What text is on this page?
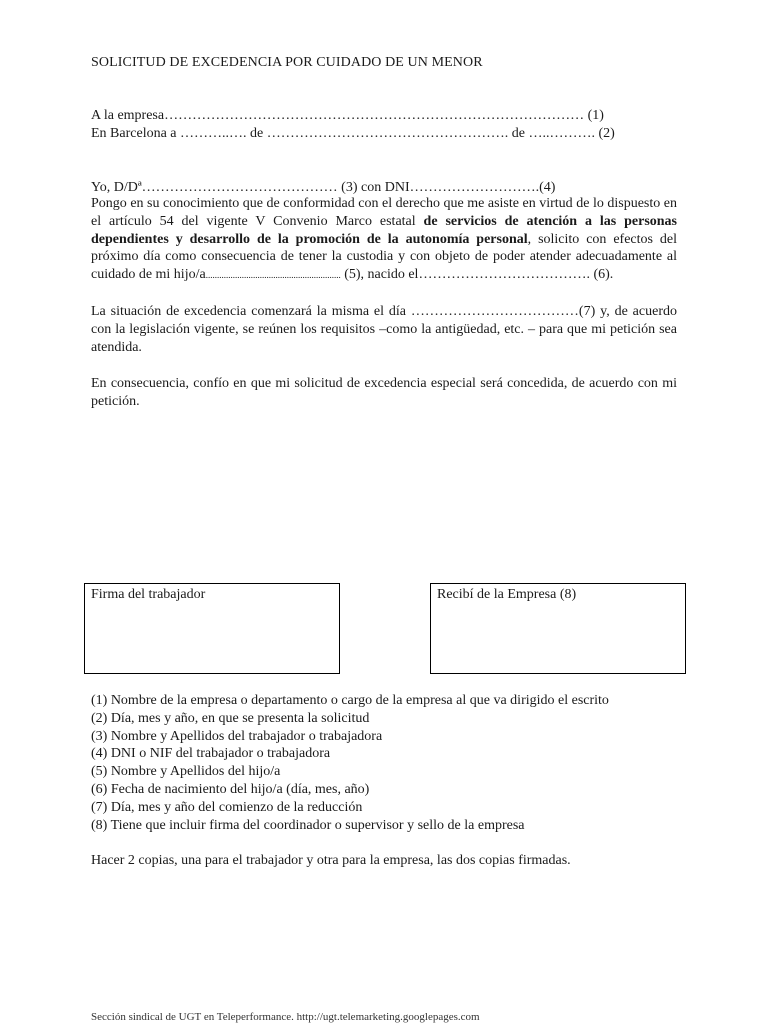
SOLICITUD DE EXCEDENCIA POR CUIDADO DE UN MENOR
A la empresa……………………………………………………………………………… (1)
En Barcelona a ………..…. de ……………………………………………. de …..………. (2)
Yo, D/Dª…………………………………… (3) con DNI……………………….(4)
Pongo en su conocimiento que de conformidad con el derecho que me asiste en virtud de lo dispuesto en el artículo 54 del vigente V Convenio Marco estatal de servicios de atención a las personas dependientes y desarrollo de la promoción de la autonomía personal, solicito con efectos del próximo día como consecuencia de tener la custodia y con objeto de poder atender adecuadamente al cuidado de mi hijo/a............................................................ (5), nacido el………………………………. (6).
La situación de excedencia comenzará la misma el día ………………………………(7) y, de acuerdo con la legislación vigente, se reúnen los requisitos –como la antigüedad, etc. – para que mi petición sea atendida.
En consecuencia, confío en que mi solicitud de excedencia especial será concedida, de acuerdo con mi petición.
Firma del trabajador	Recibí de la Empresa (8)
(1) Nombre de la empresa o departamento o cargo de la empresa al que va dirigido el escrito
(2) Día, mes y año, en que se presenta la solicitud
(3) Nombre y Apellidos del trabajador o trabajadora
(4) DNI o NIF del trabajador o trabajadora
(5) Nombre y Apellidos del hijo/a
(6) Fecha de nacimiento del hijo/a (día, mes, año)
(7) Día, mes y año del comienzo de la reducción
(8) Tiene que incluir firma del coordinador o supervisor y sello de la empresa
Hacer 2 copias, una para el trabajador y otra para la empresa, las dos copias firmadas.
Sección sindical de UGT en Teleperformance. http://ugt.telemarketing.googlepages.com
